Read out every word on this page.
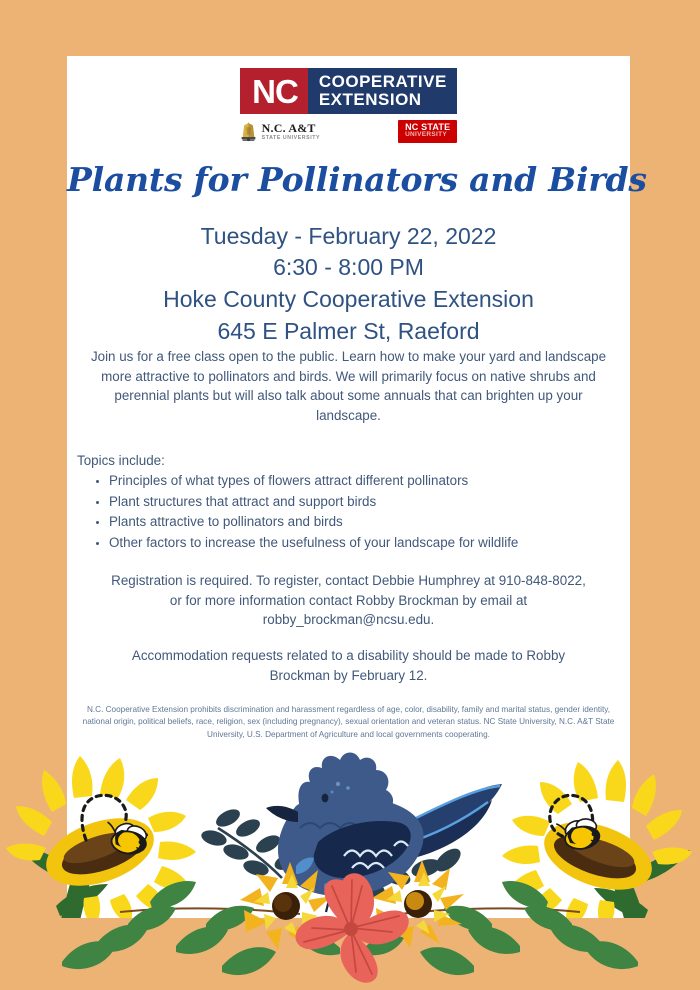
NC	COOPERATIVE
EXTENSION
N.C. A&T
STATE UNIVERSITY
NC STATE
UNIVERSITY
Plants for Pollinators and Birds
Tuesday - February 22, 2022
6:30 - 8:00 PM
Hoke County Cooperative Extension
645 E Palmer St, Raeford
Join us for a free class open to the public. Learn how to make your yard and landscape more attractive to pollinators and birds. We will primarily focus on native shrubs and perennial plants but will also talk about some annuals that can brighten up your landscape.
Topics include:
• Principles of what types of flowers attract different pollinators
• Plant structures that attract and support birds
• Plants attractive to pollinators and birds
• Other factors to increase the usefulness of your landscape for wildlife
Registration is required. To register, contact Debbie Humphrey at 910-848-8022, or for more information contact Robby Brockman by email at robby_brockman@ncsu.edu.
Accommodation requests related to a disability should be made to Robby Brockman by February 12.
N.C. Cooperative Extension prohibits discrimination and harassment regardless of age, color, disability, family and marital status, gender identity, national origin, political beliefs, race, religion, sex (including pregnancy), sexual orientation and veteran status. NC State University, N.C. A&T State University, U.S. Department of Agriculture and local governments cooperating.
